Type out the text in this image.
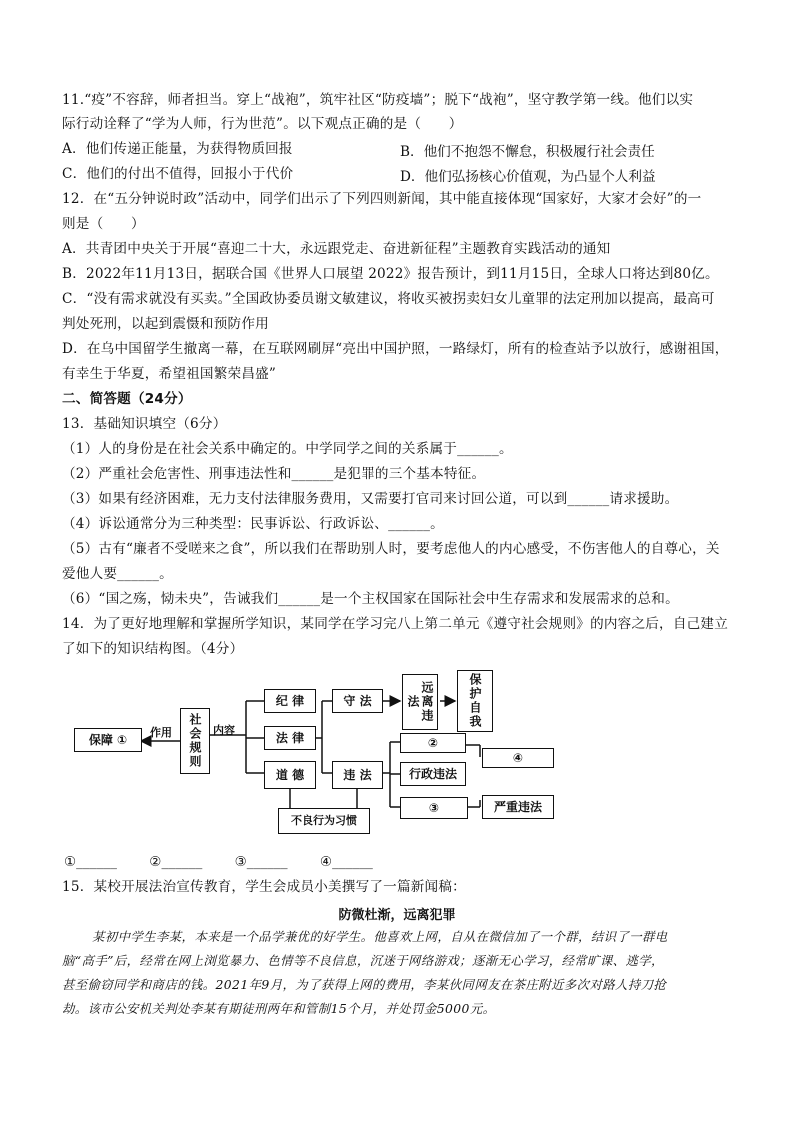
11.“疫”不容辞，师者担当。穿上“战袍”，筑牢社区“防疫墙”；脱下“战袍”，坚守教学第一线。他们以实
际行动诠释了“学为人师，行为世范”。以下观点正确的是（　　）
A．他们传递正能量，为获得物质回报	B．他们不抱怨不懈怠，积极履行社会责任
C．他们的付出不值得，回报小于代价	D．他们弘扬核心价值观，为凸显个人利益
12．在“五分钟说时政”活动中，同学们出示了下列四则新闻，其中能直接体现“国家好，大家才会好”的一
则是（　　）
A．共青团中央关于开展“喜迎二十大，永远跟党走、奋进新征程”主题教育实践活动的通知
B．2022年11月13日，据联合国《世界人口展望 2022》报告预计，到11月15日，全球人口将达到80亿。
C．“没有需求就没有买卖。”全国政协委员谢文敏建议，将收买被拐卖妇女儿童罪的法定刑加以提高，最高可
判处死刑，以起到震慑和预防作用
D．在乌中国留学生撤离一幕，在互联网刷屏“亮出中国护照，一路绿灯，所有的检查站予以放行，感谢祖国，
有幸生于华夏，希望祖国繁荣昌盛”
二、简答题（24分）
13．基础知识填空（6分）
（1）人的身份是在社会关系中确定的。中学同学之间的关系属于______。
（2）严重社会危害性、刑事违法性和______是犯罪的三个基本特征。
（3）如果有经济困难，无力支付法律服务费用，又需要打官司来讨回公道，可以到______请求援助。
（4）诉讼通常分为三种类型：民事诉讼、行政诉讼、______。
（5）古有“廉者不受嗟来之食”，所以我们在帮助别人时，要考虑他人的内心感受，不伤害他人的自尊心，关
爱他人要______。
（6）“国之殇，恸未央”，告诫我们______是一个主权国家在国际社会中生存需求和发展需求的总和。
14．为了更好地理解和掌握所学知识，某同学在学习完八上第二单元《遵守社会规则》的内容之后，自己建立
了如下的知识结构图。（4分）
保障 ①
作用	社会规则	内容
纪 律
法 律
道 德
守 法	远离违法	保护自我
违 法
②
行政违法
③
④
严重违法
不良行为习惯
①______ ②______ ③______ ④______
15．某校开展法治宣传教育，学生会成员小美撰写了一篇新闻稿：
防微杜渐，远离犯罪
某初中学生李某，本来是一个品学兼优的好学生。他喜欢上网，自从在微信加了一个群，结识了一群电
脑“高手”后，经常在网上浏览暴力、色情等不良信息，沉迷于网络游戏；逐渐无心学习，经常旷课、逃学，
甚至偷窃同学和商店的钱。2021年9月，为了获得上网的费用，李某伙同网友在茶庄附近多次对路人持刀抢
劫。该市公安机关判处李某有期徒刑两年和管制15个月，并处罚金5000元。
